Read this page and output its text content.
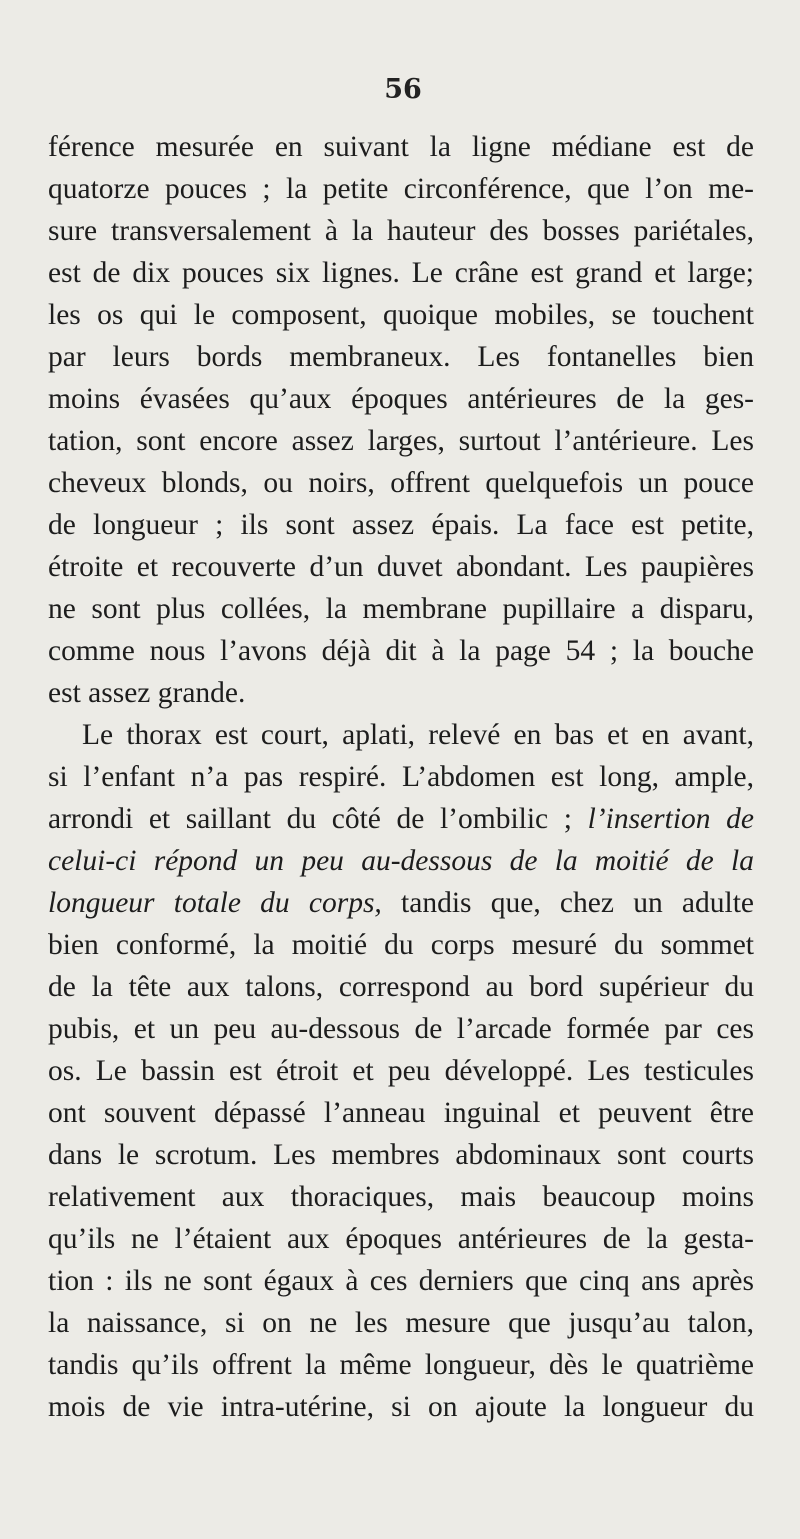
56
férence mesurée en suivant la ligne médiane est de
quatorze pouces ; la petite circonférence, que l’on me-
sure transversalement à la hauteur des bosses pariétales,
est de dix pouces six lignes. Le crâne est grand et large;
les os qui le composent, quoique mobiles, se touchent
par leurs bords membraneux. Les fontanelles bien
moins évasées qu’aux époques antérieures de la ges-
tation, sont encore assez larges, surtout l’antérieure. Les
cheveux blonds, ou noirs, offrent quelquefois un pouce
de longueur ; ils sont assez épais. La face est petite,
étroite et recouverte d’un duvet abondant. Les paupières
ne sont plus collées, la membrane pupillaire a disparu,
comme nous l’avons déjà dit à la page 54 ; la bouche
est assez grande.
Le thorax est court, aplati, relevé en bas et en avant,
si l’enfant n’a pas respiré. L’abdomen est long, ample,
arrondi et saillant du côté de l’ombilic ; l’insertion de
celui-ci répond un peu au-dessous de la moitié de la
longueur totale du corps, tandis que, chez un adulte
bien conformé, la moitié du corps mesuré du sommet
de la tête aux talons, correspond au bord supérieur du
pubis, et un peu au-dessous de l’arcade formée par ces
os. Le bassin est étroit et peu développé. Les testicules
ont souvent dépassé l’anneau inguinal et peuvent être
dans le scrotum. Les membres abdominaux sont courts
relativement aux thoraciques, mais beaucoup moins
qu’ils ne l’étaient aux époques antérieures de la gesta-
tion : ils ne sont égaux à ces derniers que cinq ans après
la naissance, si on ne les mesure que jusqu’au talon,
tandis qu’ils offrent la même longueur, dès le quatrième
mois de vie intra-utérine, si on ajoute la longueur du
